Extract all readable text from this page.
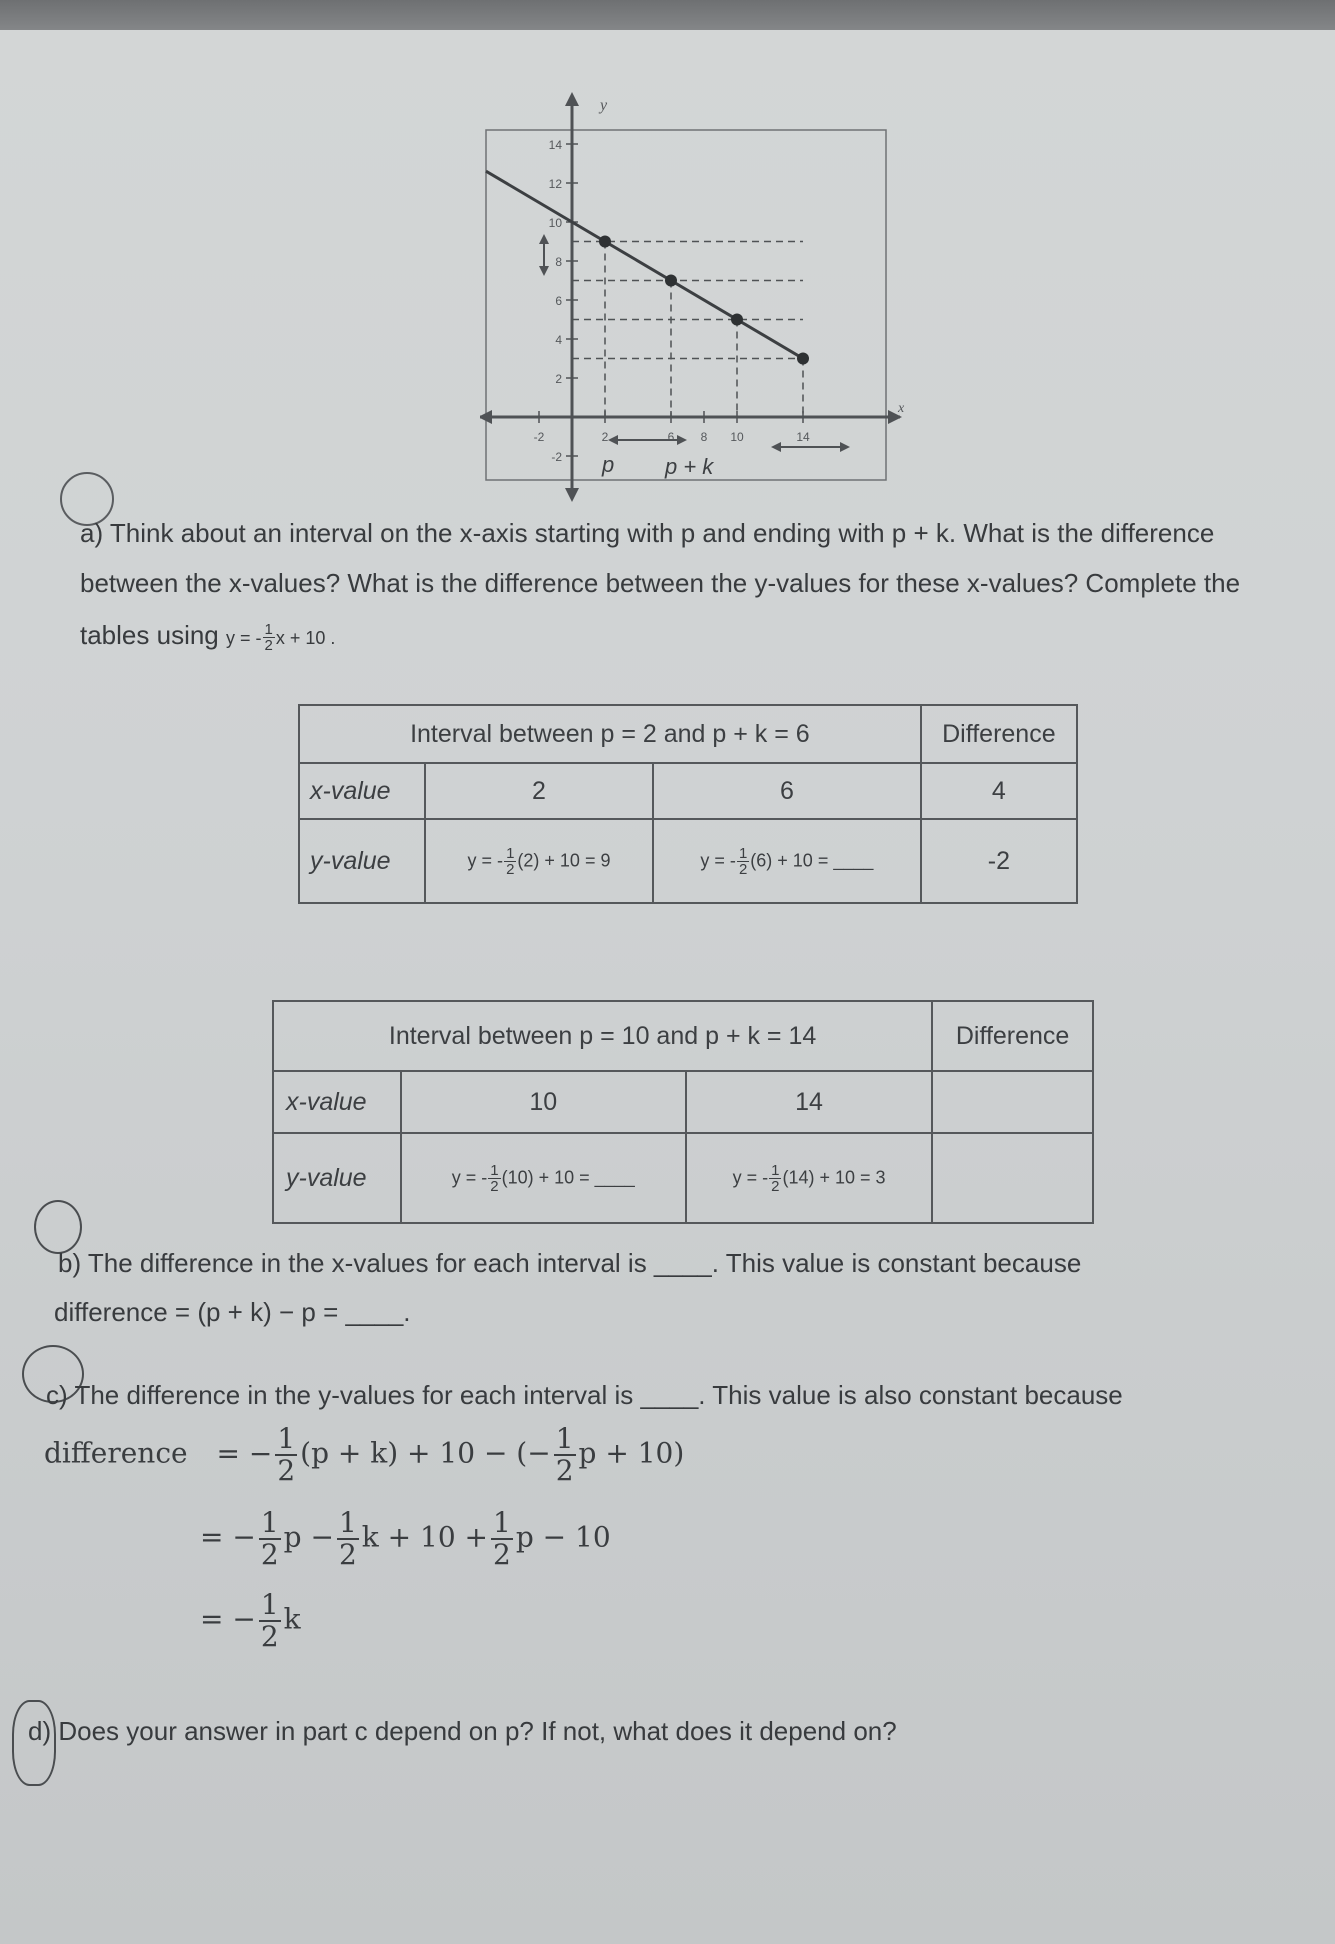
14
12
10
8
6
4
2
-2
-2	2	6 8 10	14
y
x
p p + k
a) Think about an interval on the x-axis starting with p and ending with p + k. What is the difference
between the x-values? What is the difference between the y-values for these x-values? Complete the
tables using y = - $\frac{1}{2}$ x + 10 .
Interval between p = 2 and p + k = 6			Difference
x-value	2	6	4
y-value	y = - $\frac{1}{2} (2) + 10 = 9$	y = - $\frac{1}{2} (6) + 10$ = ____	-2
Interval between p = 10 and p + k = 14			Difference
x-value	10	14	
y-value	y = - $\frac{1}{2} (10) + 10$ = ____	y = - $\frac{1}{2} (14) + 10 = 3$	
b) The difference in the x-values for each interval is ____. This value is constant because
difference = (p + k) − p = ____.
c) The difference in the y-values for each interval is ____. This value is also constant because
difference = − $\frac{1}{2} (p + k) + 10$ − (− $\frac{1}{2}$ p + 10)
= − $\frac{1}{2}$ $p - \frac{1}{2}$ $k + 10 + \frac{1}{2}$ p − 10
= − $\frac{1}{2}$ k
d) Does your answer in part c depend on p? If not, what does it depend on?
